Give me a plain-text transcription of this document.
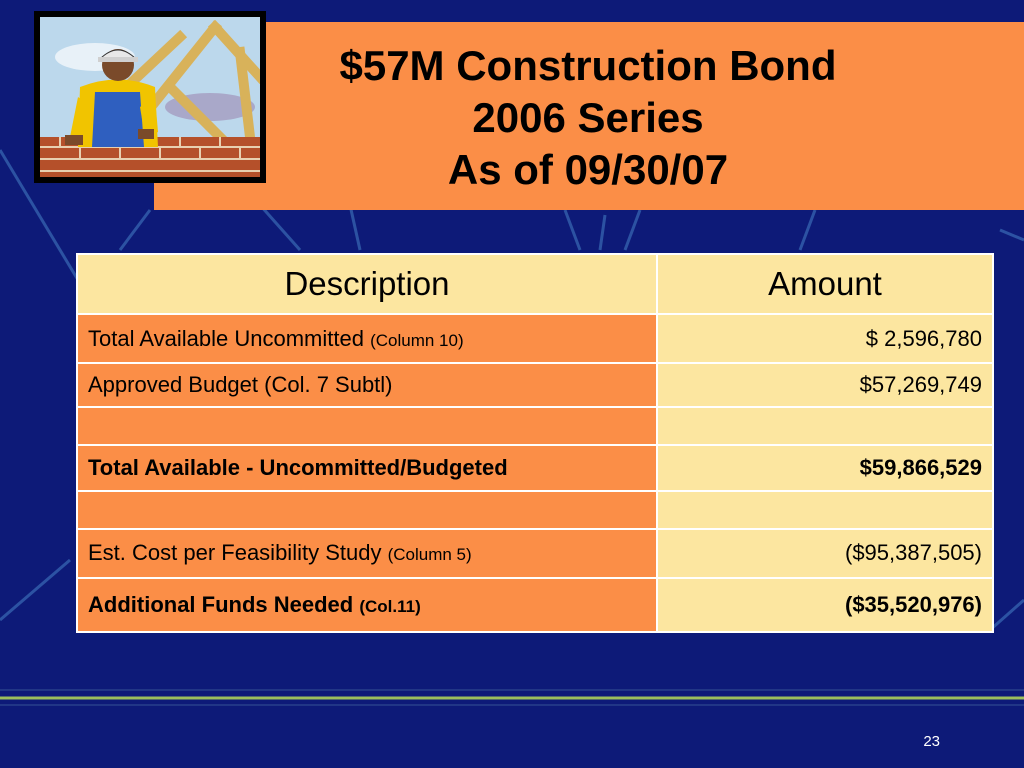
$57M Construction Bond
2006 Series
As of 09/30/07
Description	Amount
Total Available Uncommitted (Column 10)	$ 2,596,780
Approved Budget (Col. 7 Subtl)	$57,269,749

Total Available - Uncommitted/Budgeted	$59,866,529

Est. Cost per Feasibility Study (Column 5)	($95,387,505)
Additional Funds Needed (Col.11)	($35,520,976)
23
